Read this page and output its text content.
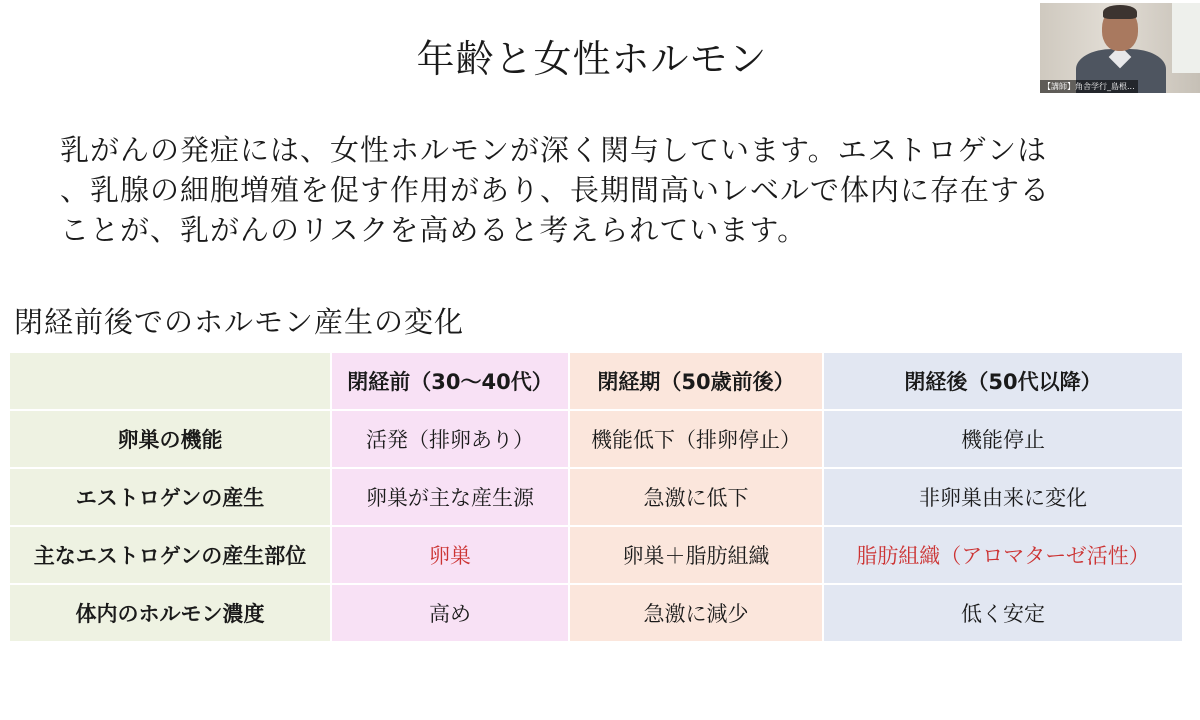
年齢と女性ホルモン
乳がんの発症には、女性ホルモンが深く関与しています。エストロゲンは
、乳腺の細胞増殖を促す作用があり、長期間高いレベルで体内に存在する
ことが、乳がんのリスクを高めると考えられています。
閉経前後でのホルモン産生の変化
	閉経前（30〜40代）	閉経期（50歳前後）	閉経後（50代以降）
卵巣の機能	活発（排卵あり）	機能低下（排卵停止）	機能停止
エストロゲンの産生	卵巣が主な産生源	急激に低下	非卵巣由来に変化
主なエストロゲンの産生部位	卵巣	卵巣＋脂肪組織	脂肪組織（アロマターゼ活性）
体内のホルモン濃度	高め	急激に減少	低く安定
【講師】角舎学行_島根...
